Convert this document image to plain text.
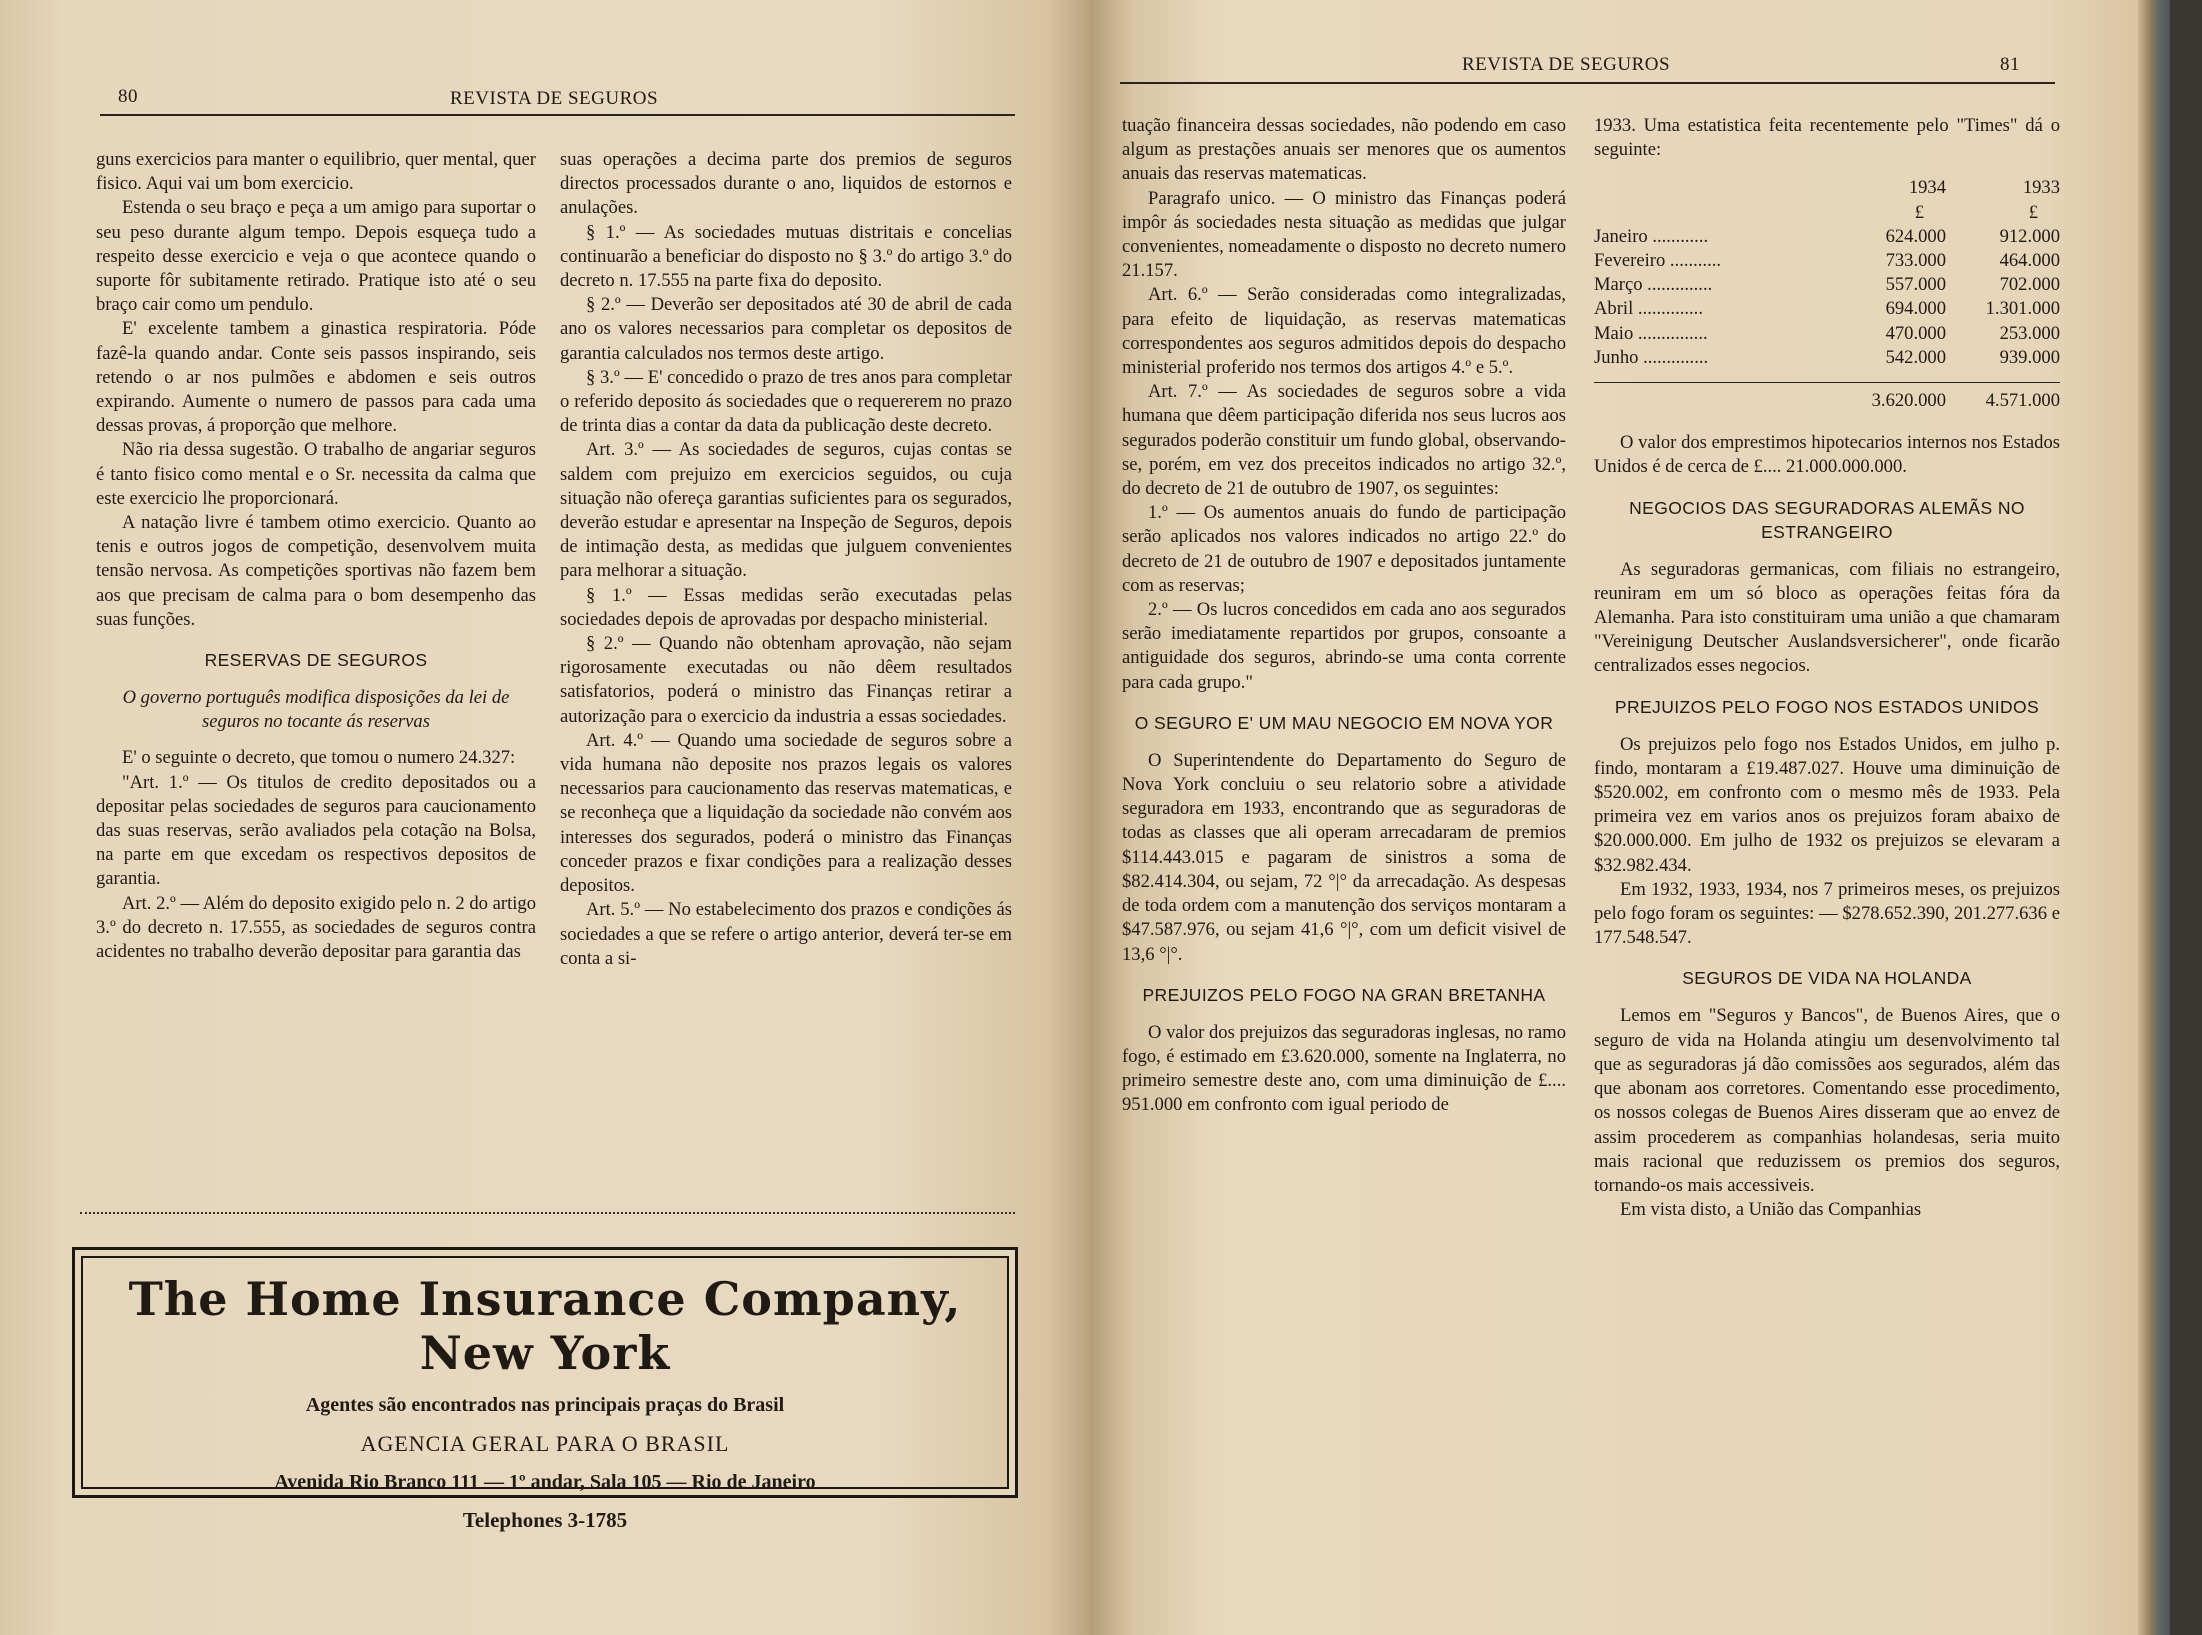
80	REVISTA DE SEGUROS

guns exercicios para manter o equilibrio, quer mental, quer fisico. Aqui vai um bom exercicio.

Estenda o seu braço e peça a um amigo para suportar o seu peso durante algum tempo. Depois esqueça tudo a respeito desse exercicio e veja o que acontece quando o suporte fôr subitamente retirado. Pratique isto até o seu braço cair como um pendulo.

E' excelente tambem a ginastica respiratoria. Póde fazê-la quando andar. Conte seis passos inspirando, seis retendo o ar nos pulmões e abdomen e seis outros expirando. Aumente o numero de passos para cada uma dessas provas, á proporção que melhore.

Não ria dessa sugestão. O trabalho de angariar seguros é tanto fisico como mental e o Sr. necessita da calma que este exercicio lhe proporcionará.

A natação livre é tambem otimo exercicio. Quanto ao tenis e outros jogos de competição, desenvolvem muita tensão nervosa. As competições sportivas não fazem bem aos que precisam de calma para o bom desempenho das suas funções.

RESERVAS DE SEGUROS

O governo português modifica disposições da lei de seguros no tocante ás reservas

E' o seguinte o decreto, que tomou o numero 24.327:

"Art. 1.º — Os titulos de credito depositados ou a depositar pelas sociedades de seguros para caucionamento das suas reservas, serão avaliados pela cotação na Bolsa, na parte em que excedam os respectivos depositos de garantia.

Art. 2.º — Além do deposito exigido pelo n. 2 do artigo 3.º do decreto n. 17.555, as sociedades de seguros contra acidentes no trabalho deverão depositar para garantia das

suas operações a decima parte dos premios de seguros directos processados durante o ano, liquidos de estornos e anulações.

§ 1.º — As sociedades mutuas distritais e concelias continuarão a beneficiar do disposto no § 3.º do artigo 3.º do decreto n. 17.555 na parte fixa do deposito.

§ 2.º — Deverão ser depositados até 30 de abril de cada ano os valores necessarios para completar os depositos de garantia calculados nos termos deste artigo.

§ 3.º — E' concedido o prazo de tres anos para completar o referido deposito ás sociedades que o requererem no prazo de trinta dias a contar da data da publicação deste decreto.

Art. 3.º — As sociedades de seguros, cujas contas se saldem com prejuizo em exercicios seguidos, ou cuja situação não ofereça garantias suficientes para os segurados, deverão estudar e apresentar na Inspeção de Seguros, depois de intimação desta, as medidas que julguem convenientes para melhorar a situação.

§ 1.º — Essas medidas serão executadas pelas sociedades depois de aprovadas por despacho ministerial.

§ 2.º — Quando não obtenham aprovação, não sejam rigorosamente executadas ou não dêem resultados satisfatorios, poderá o ministro das Finanças retirar a autorização para o exercicio da industria a essas sociedades.

Art. 4.º — Quando uma sociedade de seguros sobre a vida humana não deposite nos prazos legais os valores necessarios para caucionamento das reservas matematicas, e se reconheça que a liquidação da sociedade não convém aos interesses dos segurados, poderá o ministro das Finanças conceder prazos e fixar condições para a realização desses depositos.

Art. 5.º — No estabelecimento dos prazos e condições ás sociedades a que se refere o artigo anterior, deverá ter-se em conta a si-

The Home Insurance Company, New York
Agentes são encontrados nas principais praças do Brasil
AGENCIA GERAL PARA O BRASIL
Avenida Rio Branco 111 — 1º andar, Sala 105 — Rio de Janeiro
Telephones 3-1785
REVISTA DE SEGUROS	81

tuação financeira dessas sociedades, não podendo em caso algum as prestações anuais ser menores que os aumentos anuais das reservas matematicas.

Paragrafo unico. — O ministro das Finanças poderá impôr ás sociedades nesta situação as medidas que julgar convenientes, nomeadamente o disposto no decreto numero 21.157.

Art. 6.º — Serão consideradas como integralizadas, para efeito de liquidação, as reservas matematicas correspondentes aos seguros admitidos depois do despacho ministerial proferido nos termos dos artigos 4.º e 5.º.

Art. 7.º — As sociedades de seguros sobre a vida humana que dêem participação diferida nos seus lucros aos segurados poderão constituir um fundo global, observando-se, porém, em vez dos preceitos indicados no artigo 32.º, do decreto de 21 de outubro de 1907, os seguintes:

1.º — Os aumentos anuais do fundo de participação serão aplicados nos valores indicados no artigo 22.º do decreto de 21 de outubro de 1907 e depositados juntamente com as reservas;

2.º — Os lucros concedidos em cada ano aos segurados serão imediatamente repartidos por grupos, consoante a antiguidade dos seguros, abrindo-se uma conta corrente para cada grupo."

O SEGURO E' UM MAU NEGOCIO EM NOVA YOR

O Superintendente do Departamento do Seguro de Nova York concluiu o seu relatorio sobre a atividade seguradora em 1933, encontrando que as seguradoras de todas as classes que ali operam arrecadaram de premios $114.443.015 e pagaram de sinistros a soma de $82.414.304, ou sejam, 72 °|° da arrecadação. As despesas de toda ordem com a manutenção dos serviços montaram a $47.587.976, ou sejam 41,6 °|°, com um deficit visivel de 13,6 °|°.

PREJUIZOS PELO FOGO NA GRAN BRETANHA

O valor dos prejuizos das seguradoras inglesas, no ramo fogo, é estimado em £3.620.000, somente na Inglaterra, no primeiro semestre deste ano, com uma diminuição de £.... 951.000 em confronto com igual periodo de

1933. Uma estatistica feita recentemente pelo "Times" dá o seguinte:

	1934	1933
	£	£
Janeiro ............	624.000	912.000
Fevereiro ...........	733.000	464.000
Março ..............	557.000	702.000
Abril ..............	694.000	1.301.000
Maio ...............	470.000	253.000
Junho ..............	542.000	939.000

	3.620.000	4.571.000

O valor dos emprestimos hipotecarios internos nos Estados Unidos é de cerca de £.... 21.000.000.000.

NEGOCIOS DAS SEGURADORAS ALEMÃS NO ESTRANGEIRO

As seguradoras germanicas, com filiais no estrangeiro, reuniram em um só bloco as operações feitas fóra da Alemanha. Para isto constituiram uma união a que chamaram "Vereinigung Deutscher Auslandsversicherer", onde ficarão centralizados esses negocios.

PREJUIZOS PELO FOGO NOS ESTADOS UNIDOS

Os prejuizos pelo fogo nos Estados Unidos, em julho p. findo, montaram a £19.487.027. Houve uma diminuição de $520.002, em confronto com o mesmo mês de 1933. Pela primeira vez em varios anos os prejuizos foram abaixo de $20.000.000. Em julho de 1932 os prejuizos se elevaram a $32.982.434.

Em 1932, 1933, 1934, nos 7 primeiros meses, os prejuizos pelo fogo foram os seguintes: — $278.652.390, 201.277.636 e 177.548.547.

SEGUROS DE VIDA NA HOLANDA

Lemos em "Seguros y Bancos", de Buenos Aires, que o seguro de vida na Holanda atingiu um desenvolvimento tal que as seguradoras já dão comissões aos segurados, além das que abonam aos corretores. Comentando esse procedimento, os nossos colegas de Buenos Aires disseram que ao envez de assim procederem as companhias holandesas, seria muito mais racional que reduzissem os premios dos seguros, tornando-os mais accessiveis.

Em vista disto, a União das Companhias
